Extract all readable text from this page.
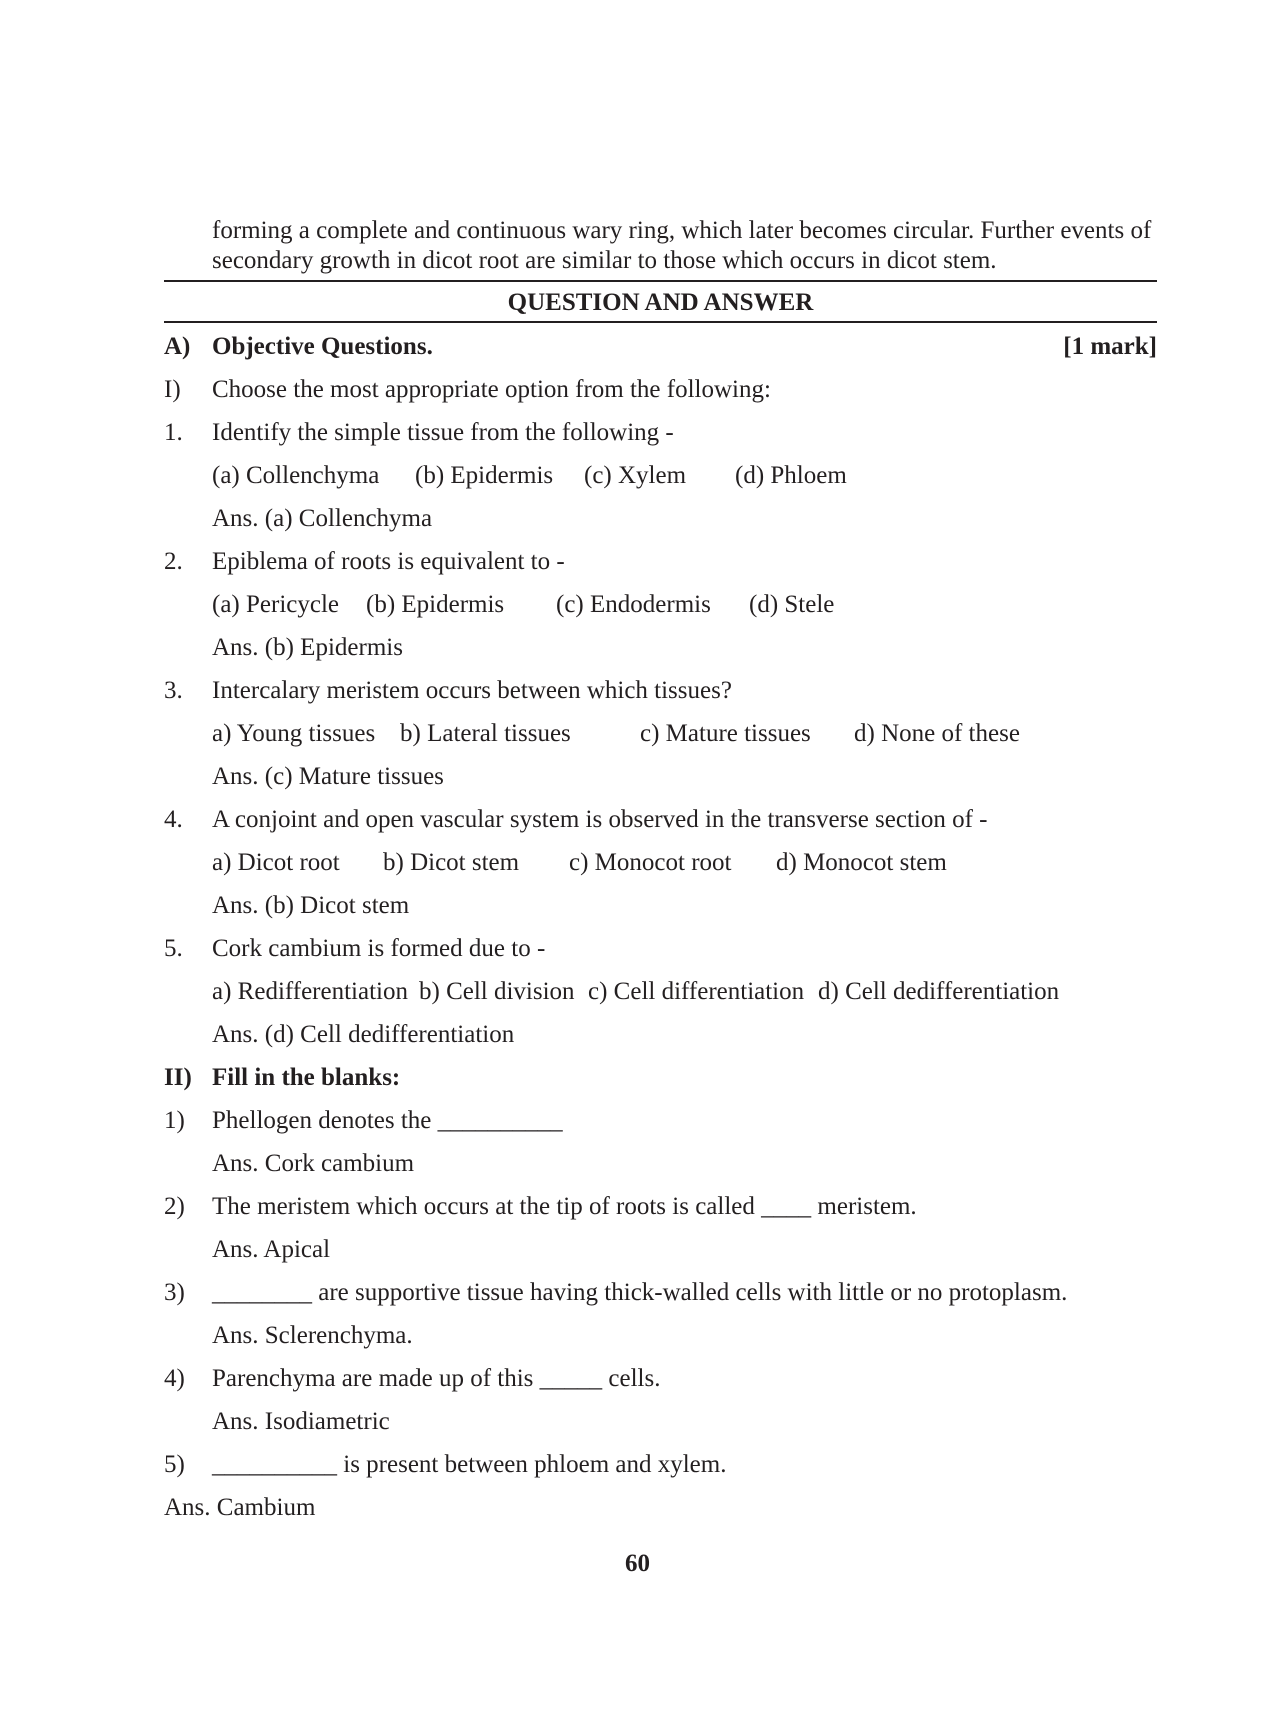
forming a complete and continuous wary ring, which later becomes circular. Further events of
secondary growth in dicot root are similar to those which occurs in dicot stem.
QUESTION AND ANSWER
A) Objective Questions.	[1 mark]
I) Choose the most appropriate option from the following:
1. Identify the simple tissue from the following -
(a) Collenchyma (b) Epidermis (c) Xylem (d) Phloem
Ans. (a) Collenchyma
2. Epiblema of roots is equivalent to -
(a) Pericycle (b) Epidermis (c) Endodermis (d) Stele
Ans. (b) Epidermis
3. Intercalary meristem occurs between which tissues?
a) Young tissues b) Lateral tissues	c) Mature tissues d) None of these
Ans. (c) Mature tissues
4. A conjoint and open vascular system is observed in the transverse section of -
a) Dicot root b) Dicot stem c) Monocot root d) Monocot stem
Ans. (b) Dicot stem
5. Cork cambium is formed due to -
a) Redifferentiation b) Cell division c) Cell differentiation d) Cell dedifferentiation
Ans. (d) Cell dedifferentiation
II) Fill in the blanks:
1) Phellogen denotes the __________
Ans. Cork cambium
2) The meristem which occurs at the tip of roots is called ____ meristem.
Ans. Apical
3) ________ are supportive tissue having thick-walled cells with little or no protoplasm.
Ans. Sclerenchyma.
4) Parenchyma are made up of this _____ cells.
Ans. Isodiametric
5) __________ is present between phloem and xylem.
Ans. Cambium
60
